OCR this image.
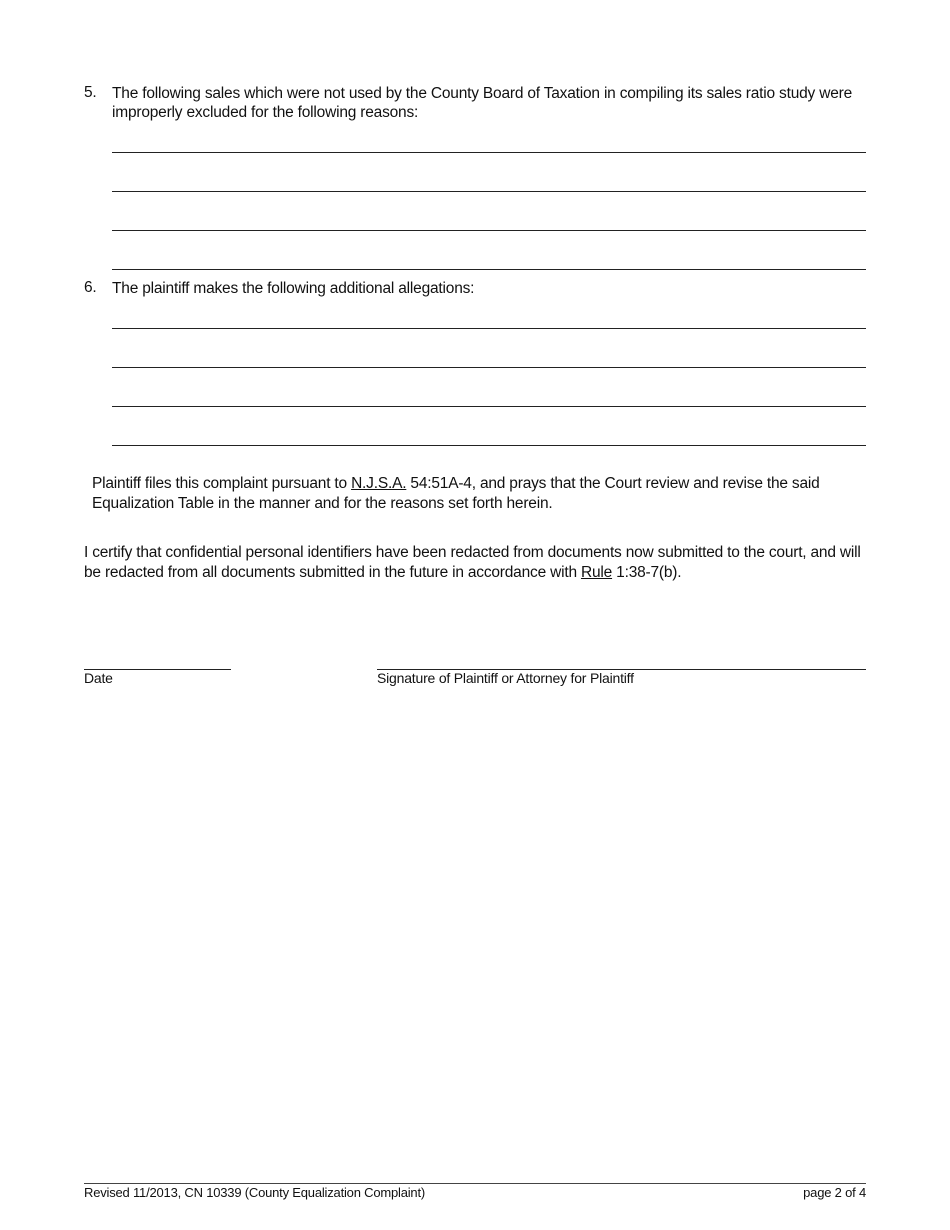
5. The following sales which were not used by the County Board of Taxation in compiling its sales ratio study were improperly excluded for the following reasons:
6. The plaintiff makes the following additional allegations:
Plaintiff files this complaint pursuant to N.J.S.A. 54:51A-4, and prays that the Court review and revise the said Equalization Table in the manner and for the reasons set forth herein.
I certify that confidential personal identifiers have been redacted from documents now submitted to the court, and will be redacted from all documents submitted in the future in accordance with Rule 1:38-7(b).
Date	Signature of Plaintiff or Attorney for Plaintiff
Revised 11/2013, CN 10339 (County Equalization Complaint)	page 2 of 4
